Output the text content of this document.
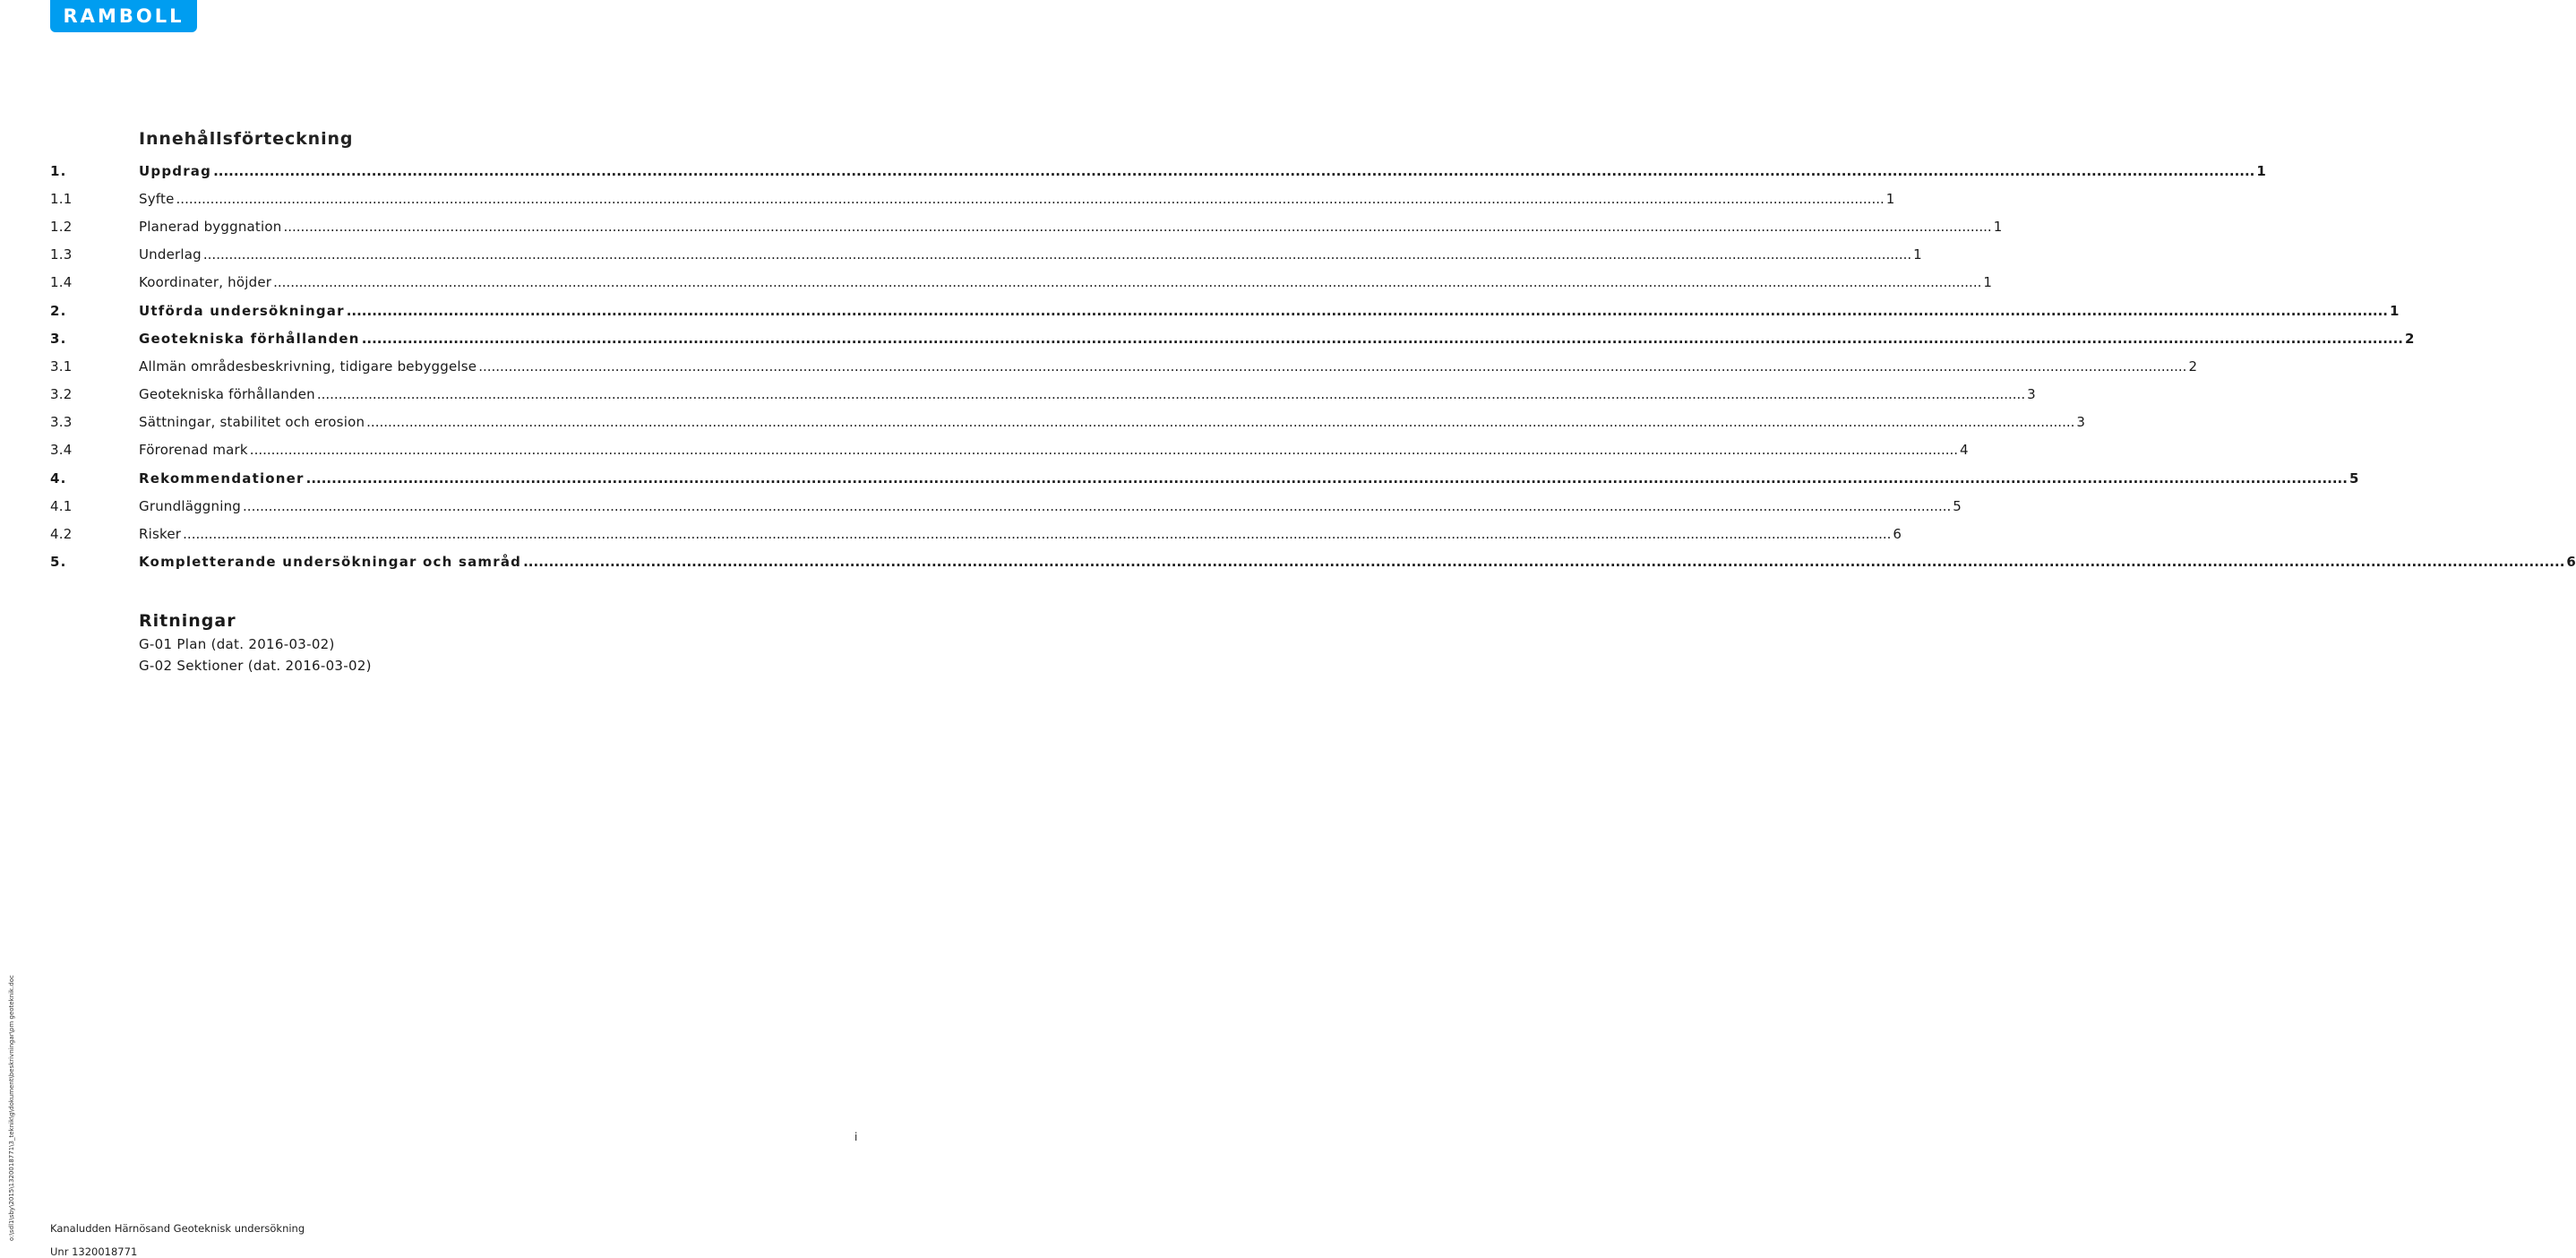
RAMBOLL
Innehållsförteckning
1.	Uppdrag ................................................................................................................................................................................................................................................................................................................................................................................................................ 1
1.1	Syfte ................................................................................................................................................................................................................................................................................................................................................................................................................ 1
1.2	Planerad byggnation ................................................................................................................................................................................................................................................................................................................................................................................................................ 1
1.3	Underlag ................................................................................................................................................................................................................................................................................................................................................................................................................ 1
1.4	Koordinater, höjder ................................................................................................................................................................................................................................................................................................................................................................................................................ 1
2.	Utförda undersökningar ................................................................................................................................................................................................................................................................................................................................................................................................................ 1
3.	Geotekniska förhållanden ................................................................................................................................................................................................................................................................................................................................................................................................................ 2
3.1	Allmän områdesbeskrivning, tidigare bebyggelse ................................................................................................................................................................................................................................................................................................................................................................................................................ 2
3.2	Geotekniska förhållanden ................................................................................................................................................................................................................................................................................................................................................................................................................ 3
3.3	Sättningar, stabilitet och erosion ................................................................................................................................................................................................................................................................................................................................................................................................................ 3
3.4	Förorenad mark ................................................................................................................................................................................................................................................................................................................................................................................................................ 4
4.	Rekommendationer ................................................................................................................................................................................................................................................................................................................................................................................................................ 5
4.1	Grundläggning ................................................................................................................................................................................................................................................................................................................................................................................................................ 5
4.2	Risker ................................................................................................................................................................................................................................................................................................................................................................................................................ 6
5.	Kompletterande undersökningar och samråd ................................................................................................................................................................................................................................................................................................................................................................................................................ 6
Ritningar
G-01 Plan (dat. 2016-03-02)
G-02 Sektioner (dat. 2016-03-02)
o:\sdl1\sby\2015\1320018771\3_teknik\g\dokument\beskrivningar\pm geoteknik.doc	i
Kanaludden Härnösand Geoteknisk undersökning
Unr 1320018771
